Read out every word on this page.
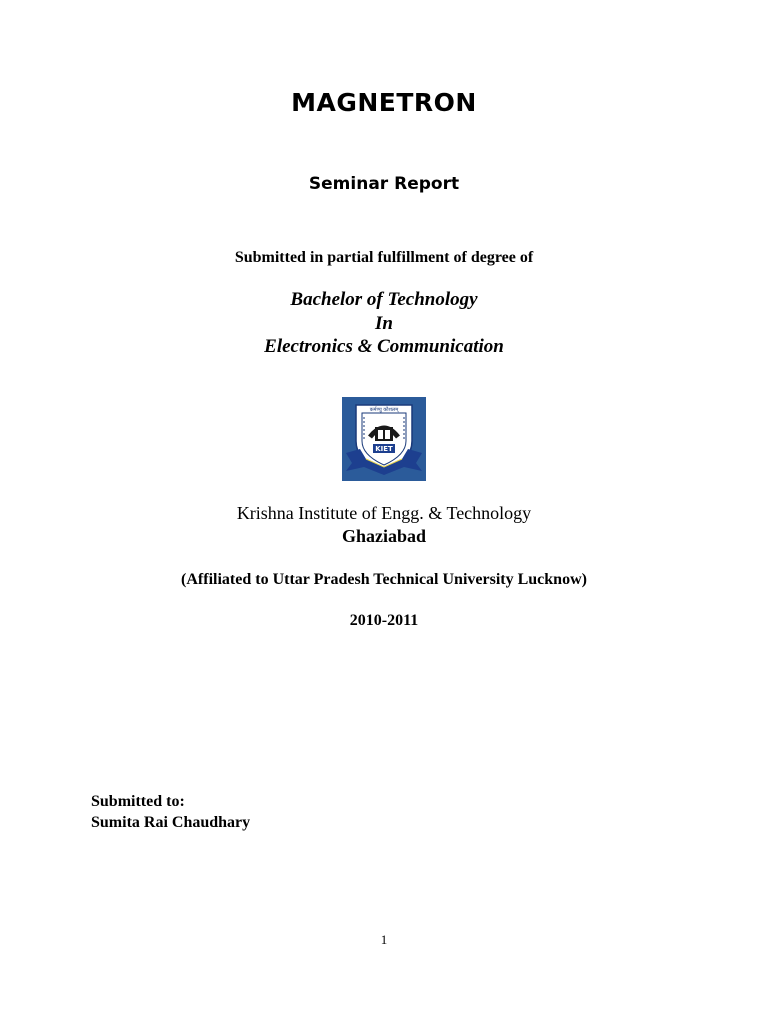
MAGNETRON

Seminar Report

Submitted in partial fulfillment of degree of

Bachelor of Technology

In

Electronics & Communication

कर्मण्यु कौशलम्
KIET

Krishna Institute of Engg. & Technology

Ghaziabad

(Affiliated to Uttar Pradesh Technical University Lucknow)

2010-2011

Submitted to:

Sumita Rai Chaudhary

1
